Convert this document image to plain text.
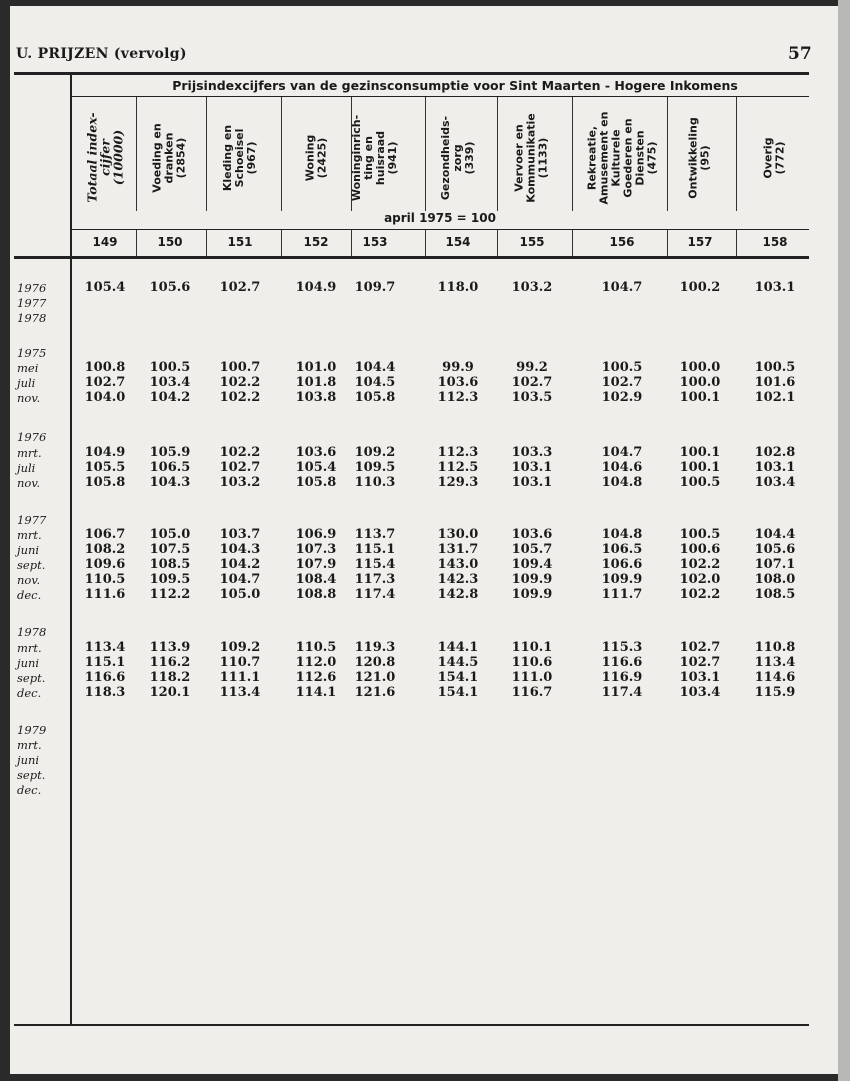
U. PRIJZEN (vervolg)	57
Prijsindexcijfers van de gezinsconsumptie voor Sint Maarten - Hogere Inkomens
april 1975 = 100
Totaal index-
cijfer
(10000)
149
Voeding en
dranken
(2854)
150
Kleding en
Schoeisel
(967)
151
Woning
(2425)
152
Woninginrich-
ting en
huisraad
(941)
153
Gezondheids-
zorg
(339)
154
Vervoer en
Kommunikatie
(1133)
155
Rekreatie,
Amusement en
Kulturele
Goederen en
Diensten
(475)
156
Ontwikkeling
(95)
157
Overig
(772)
158
1976	105.4	105.6	102.7	104.9	109.7	118.0	103.2	104.7	100.2	103.1
1977
1978
1975
mei	100.8	100.5	100.7	101.0	104.4	99.9	99.2	100.5	100.0	100.5
juli	102.7	103.4	102.2	101.8	104.5	103.6	102.7	102.7	100.0	101.6
nov.	104.0	104.2	102.2	103.8	105.8	112.3	103.5	102.9	100.1	102.1
1976
mrt.	104.9	105.9	102.2	103.6	109.2	112.3	103.3	104.7	100.1	102.8
juli	105.5	106.5	102.7	105.4	109.5	112.5	103.1	104.6	100.1	103.1
nov.	105.8	104.3	103.2	105.8	110.3	129.3	103.1	104.8	100.5	103.4
1977
mrt.	106.7	105.0	103.7	106.9	113.7	130.0	103.6	104.8	100.5	104.4
juni	108.2	107.5	104.3	107.3	115.1	131.7	105.7	106.5	100.6	105.6
sept.	109.6	108.5	104.2	107.9	115.4	143.0	109.4	106.6	102.2	107.1
nov.	110.5	109.5	104.7	108.4	117.3	142.3	109.9	109.9	102.0	108.0
dec.	111.6	112.2	105.0	108.8	117.4	142.8	109.9	111.7	102.2	108.5
1978
mrt.	113.4	113.9	109.2	110.5	119.3	144.1	110.1	115.3	102.7	110.8
juni	115.1	116.2	110.7	112.0	120.8	144.5	110.6	116.6	102.7	113.4
sept.	116.6	118.2	111.1	112.6	121.0	154.1	111.0	116.9	103.1	114.6
dec.	118.3	120.1	113.4	114.1	121.6	154.1	116.7	117.4	103.4	115.9
1979
mrt.
juni
sept.
dec.
